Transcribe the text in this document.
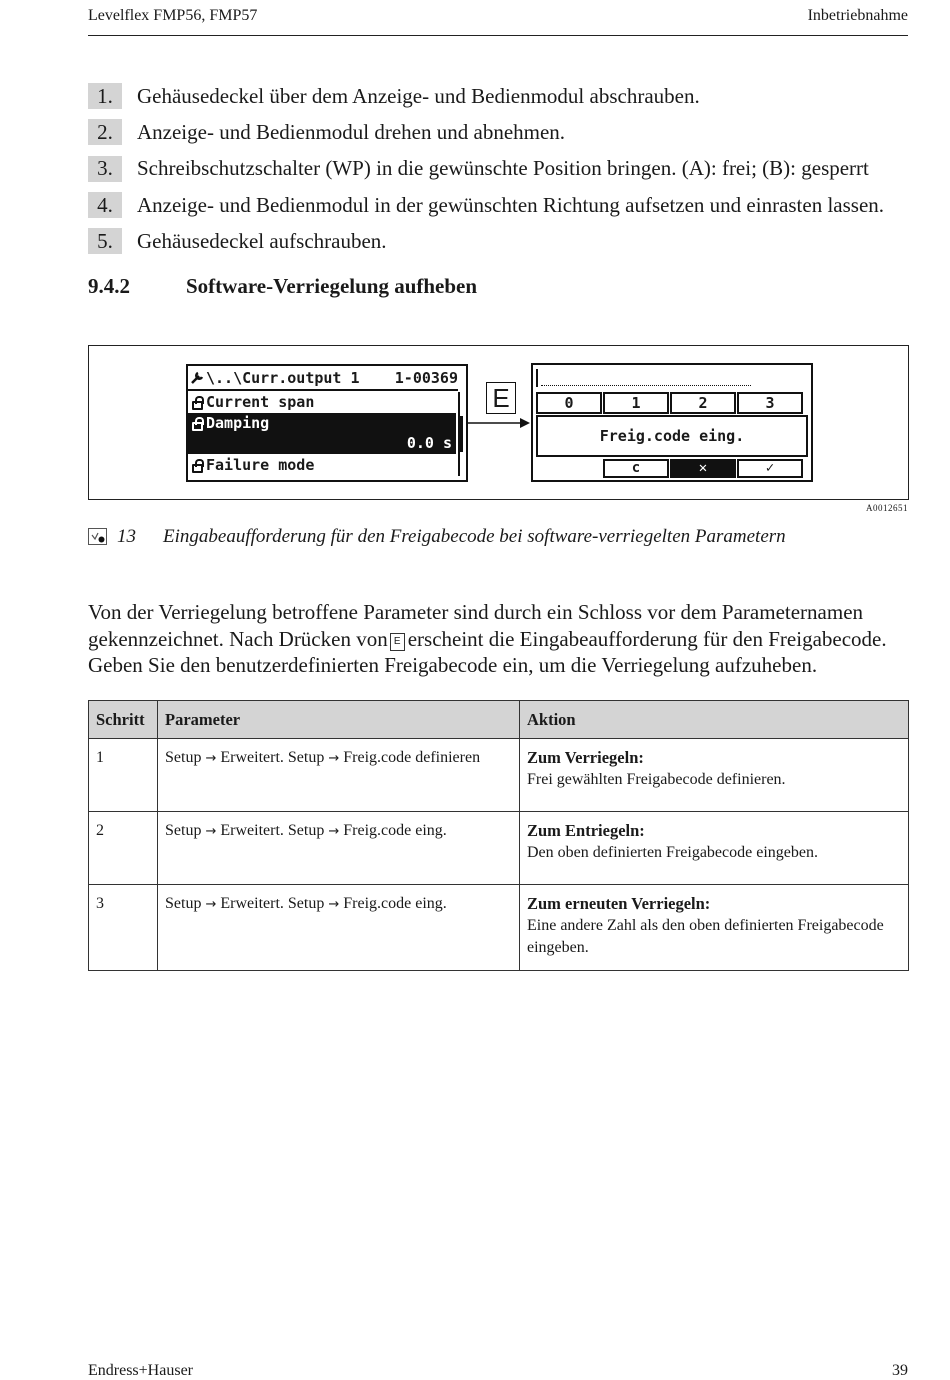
Levelflex FMP56, FMP57	Inbetriebnahme
1.	Gehäusedeckel über dem Anzeige- und Bedienmodul abschrauben.
2.	Anzeige- und Bedienmodul drehen und abnehmen.
3.	Schreibschutzschalter (WP) in die gewünschte Position bringen. (A): frei; (B): gesperrt
4.	Anzeige- und Bedienmodul in der gewünschten Richtung aufsetzen und einrasten lassen.
5.	Gehäusedeckel aufschrauben.
9.4.2	Software-Verriegelung aufheben
\..\Curr.output 1 1-00369
Current span
Damping
0.0 s
Failure mode
E	0	1	2	3
Freig.code eing.
c	✕	✓
A0012651
13 Eingabeaufforderung für den Freigabecode bei software-verriegelten Parametern

Von der Verriegelung betroffene Parameter sind durch ein Schloss vor dem Parameternamen

gekennzeichnet. Nach Drücken von E erscheint die Eingabeaufforderung für den Freigabecode.

Geben Sie den benutzerdefinierten Freigabecode ein, um die Verriegelung aufzuheben.

Schritt	Parameter	Aktion
1	Setup → Erweitert. Setup → Freig.code definieren	Zum Verriegeln:
Frei gewählten Freigabecode definieren.
2	Setup → Erweitert. Setup → Freig.code eing.	Zum Entriegeln:
Den oben definierten Freigabecode eingeben.
3	Setup → Erweitert. Setup → Freig.code eing.	Zum erneuten Verriegeln:
Eine andere Zahl als den oben definierten Freigabecode eingeben.
Endress+Hauser	39
